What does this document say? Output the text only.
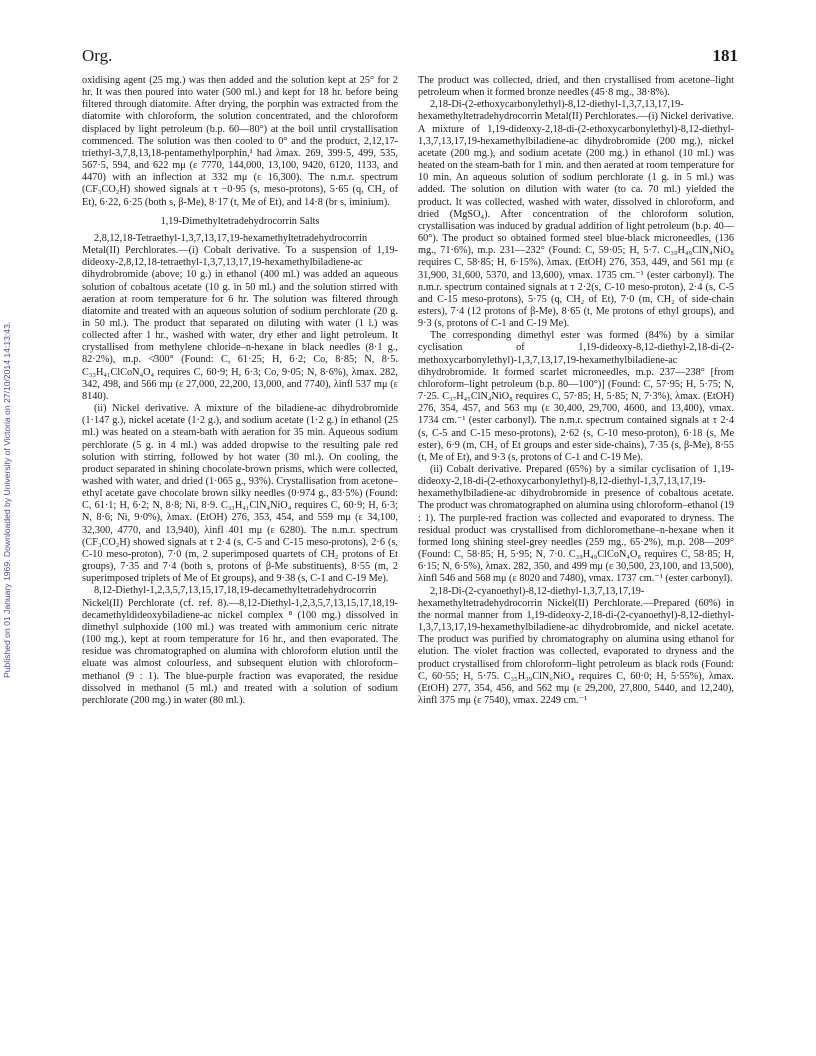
Published on 01 January 1969. Downloaded by University of Victoria on 27/10/2014 14:13:43.
Org.	181

oxidising agent (25 mg.) was then added and the solution kept at 25° for 2 hr. It was then poured into water (500 ml.) and kept for 18 hr. before being filtered through diatomite. After drying, the porphin was extracted from the diatomite with chloroform, the solution concentrated, and the chloroform displaced by light petroleum (b.p. 60—80°) at the boil until crystallisation commenced. The solution was then cooled to 0° and the product, 2,12,17-triethyl-3,7,8,13,18-pentamethylporphin,¹ had λmax. 269, 399·5, 499, 535, 567·5, 594, and 622 mμ (ε 7770, 144,000, 13,100, 9420, 6120, 1133, and 4470) with an inflection at 332 mμ (ε 16,300). The n.m.r. spectrum (CF₃CO₂H) showed signals at τ −0·95 (s, meso-protons), 5·65 (q, CH₂ of Et), 6·22, 6·25 (both s, β-Me), 8·17 (t, Me of Et), and 14·8 (br s, iminium).

1,19-Dimethyltetradehydrocorrin Salts

2,8,12,18-Tetraethyl-1,3,7,13,17,19-hexamethyltetradehydrocorrin Metal(II) Perchlorates.—(i) Cobalt derivative. To a suspension of 1,19-dideoxy-2,8,12,18-tetraethyl-1,3,7,13,17,19-hexamethylbiladiene-ac dihydrobromide (above; 10 g.) in ethanol (400 ml.) was added an aqueous solution of cobaltous acetate (10 g. in 50 ml.) and the solution stirred with aeration at room temperature for 6 hr. The solution was filtered through diatomite and treated with an aqueous solution of sodium perchlorate (20 g. in 50 ml.). The product that separated on diluting with water (1 l.) was collected after 1 hr., washed with water, dry ether and light petroleum. It crystallised from methylene chloride–n-hexane in black needles (8·1 g., 82·2%), m.p. ≮300° (Found: C, 61·25; H, 6·2; Co, 8·85; N, 8·5. C₃₃H₄₁ClCoN₄O₄ requires C, 60·9; H, 6·3; Co, 9·05; N, 8·6%), λmax. 282, 342, 498, and 566 mμ (ε 27,000, 22,200, 13,000, and 7740), λinfl 537 mμ (ε 8140).

(ii) Nickel derivative. A mixture of the biladiene-ac dihydrobromide (1·147 g.), nickel acetate (1·2 g.), and sodium acetate (1·2 g.) in ethanol (25 ml.) was heated on a steam-bath with aeration for 35 min. Aqueous sodium perchlorate (5 g. in 4 ml.) was added dropwise to the resulting pale red solution with stirring, followed by hot water (30 ml.). On cooling, the product separated in shining chocolate-brown prisms, which were collected, washed with water, and dried (1·065 g., 93%). Crystallisation from acetone–ethyl acetate gave chocolate brown silky needles (0·974 g., 83·5%) (Found: C, 61·1; H, 6·2; N, 8·8; Ni, 8·9. C₃₃H₄₁ClN₄NiO₄ requires C, 60·9; H, 6·3; N, 8·6; Ni, 9·0%), λmax. (EtOH) 276, 353, 454, and 559 mμ (ε 34,100, 32,300, 4770, and 13,940), λinfl 401 mμ (ε 6280). The n.m.r. spectrum (CF₃CO₂H) showed signals at τ 2·4 (s, C-5 and C-15 meso-protons), 2·6 (s, C-10 meso-proton), 7·0 (m, 2 superimposed quartets of CH₂ protons of Et groups), 7·35 and 7·4 (both s, protons of β-Me substituents), 8·55 (m, 2 superimposed triplets of Me of Et groups), and 9·38 (s, C-1 and C-19 Me).

8,12-Diethyl-1,2,3,5,7,13,15,17,18,19-decamethyltetradehydrocorrin Nickel(II) Perchlorate (cf. ref. 8).—8,12-Diethyl-1,2,3,5,7,13,15,17,18,19-decamethyldideoxybiladiene-ac nickel complex ⁸ (100 mg.) dissolved in dimethyl sulphoxide (100 ml.) was treated with ammonium ceric nitrate (100 mg.), kept at room temperature for 16 hr., and then evaporated. The residue was chromatographed on alumina with chloroform elution until the eluate was almost colourless, and subsequent elution with chloroform–methanol (9 : 1). The blue-purple fraction was evaporated, the residue dissolved in methanol (5 ml.) and treated with a solution of sodium perchlorate (200 mg.) in water (80 ml.).

The product was collected, dried, and then crystallised from acetone–light petroleum when it formed bronze needles (45·8 mg., 38·8%).

2,18-Di-(2-ethoxycarbonylethyl)-8,12-diethyl-1,3,7,13,17,19-hexamethyltetradehydrocorrin Metal(II) Perchlorates.—(i) Nickel derivative. A mixture of 1,19-dideoxy-2,18-di-(2-ethoxycarbonylethyl)-8,12-diethyl-1,3,7,13,17,19-hexamethylbiladiene-ac dihydrobromide (200 mg.), nickel acetate (200 mg.), and sodium acetate (200 mg.) in ethanol (10 ml.) was heated on the steam-bath for 1 min. and then aerated at room temperature for 10 min. An aqueous solution of sodium perchlorate (1 g. in 5 ml.) was added. The solution on dilution with water (to ca. 70 ml.) yielded the product. It was collected, washed with water, dissolved in chloroform, and dried (MgSO₄). After concentration of the chloroform solution, crystallisation was induced by gradual addition of light petroleum (b.p. 40—60°). The product so obtained formed steel blue-black microneedles, (136 mg., 71·6%), m.p. 231—232° (Found: C, 59·05; H, 5·7. C₃₉H₄₉ClN₄NiO₈ requires C, 58·85; H, 6·15%), λmax. (EtOH) 276, 353, 449, and 561 mμ (ε 31,900, 31,600, 5370, and 13,600), νmax. 1735 cm.⁻¹ (ester carbonyl). The n.m.r. spectrum contained signals at τ 2·2(s, C-10 meso-proton), 2·4 (s, C-5 and C-15 meso-protons), 5·75 (q, CH₂ of Et), 7·0 (m, CH₂ of side-chain esters), 7·4 (12 protons of β-Me), 8·65 (t, Me protons of ethyl groups), and 9·3 (s, protons of C-1 and C-19 Me).

The corresponding dimethyl ester was formed (84%) by a similar cyclisation of 1,19-dideoxy-8,12-diethyl-2,18-di-(2-methoxycarbonylethyl)-1,3,7,13,17,19-hexamethylbiladiene-ac dihydrobromide. It formed scarlet microneedles, m.p. 237—238° [from chloroform–light petroleum (b.p. 80—100°)] (Found: C, 57·95; H, 5·75; N, 7·25. C₃₇H₄₅ClN₄NiO₈ requires C, 57·85; H, 5·85; N, 7·3%), λmax. (EtOH) 276, 354, 457, and 563 mμ (ε 30,400, 29,700, 4600, and 13,400), νmax. 1734 cm.⁻¹ (ester carbonyl). The n.m.r. spectrum contained signals at τ 2·4 (s, C-5 and C-15 meso-protons), 2·62 (s, C-10 meso-proton), 6·18 (s, Me ester), 6·9 (m, CH₂ of Et groups and ester side-chains), 7·35 (s, β-Me), 8·55 (t, Me of Et), and 9·3 (s, protons of C-1 and C-19 Me).

(ii) Cobalt derivative. Prepared (65%) by a similar cyclisation of 1,19-dideoxy-2,18-di-(2-ethoxycarbonylethyl)-8,12-diethyl-1,3,7,13,17,19-hexamethylbiladiene-ac dihydrobromide in presence of cobaltous acetate. The product was chromatographed on alumina using chloroform–ethanol (19 : 1). The purple-red fraction was collected and evaporated to dryness. The residual product was crystallised from dichloromethane–n-hexane when it formed long shining steel-grey needles (259 mg., 65·2%), m.p. 208—209° (Found: C, 58·85; H, 5·95; N, 7·0. C₃₉H₄₉ClCoN₄O₈ requires C, 58·85; H, 6·15; N, 6·5%), λmax. 282, 350, and 499 mμ (ε 30,500, 23,100, and 13,500), λinfl 546 and 568 mμ (ε 8020 and 7480), νmax. 1737 cm.⁻¹ (ester carbonyl).

2,18-Di-(2-cyanoethyl)-8,12-diethyl-1,3,7,13,17,19-hexamethyltetradehydrocorrin Nickel(II) Perchlorate.—Prepared (60%) in the normal manner from 1,19-dideoxy-2,18-di-(2-cyanoethyl)-8,12-diethyl-1,3,7,13,17,19-hexamethylbiladiene-ac dihydrobromide, and nickel acetate. The product was purified by chromatography on alumina using ethanol for elution. The violet fraction was collected, evaporated to dryness and the product crystallised from chloroform–light petroleum as black rods (Found: C, 60·55; H, 5·75. C₃₅H₃₉ClN₆NiO₄ requires C, 60·0; H, 5·55%), λmax. (EtOH) 277, 354, 456, and 562 mμ (ε 29,200, 27,800, 5440, and 12,240), λinfl 375 mμ (ε 7540), νmax. 2249 cm.⁻¹
